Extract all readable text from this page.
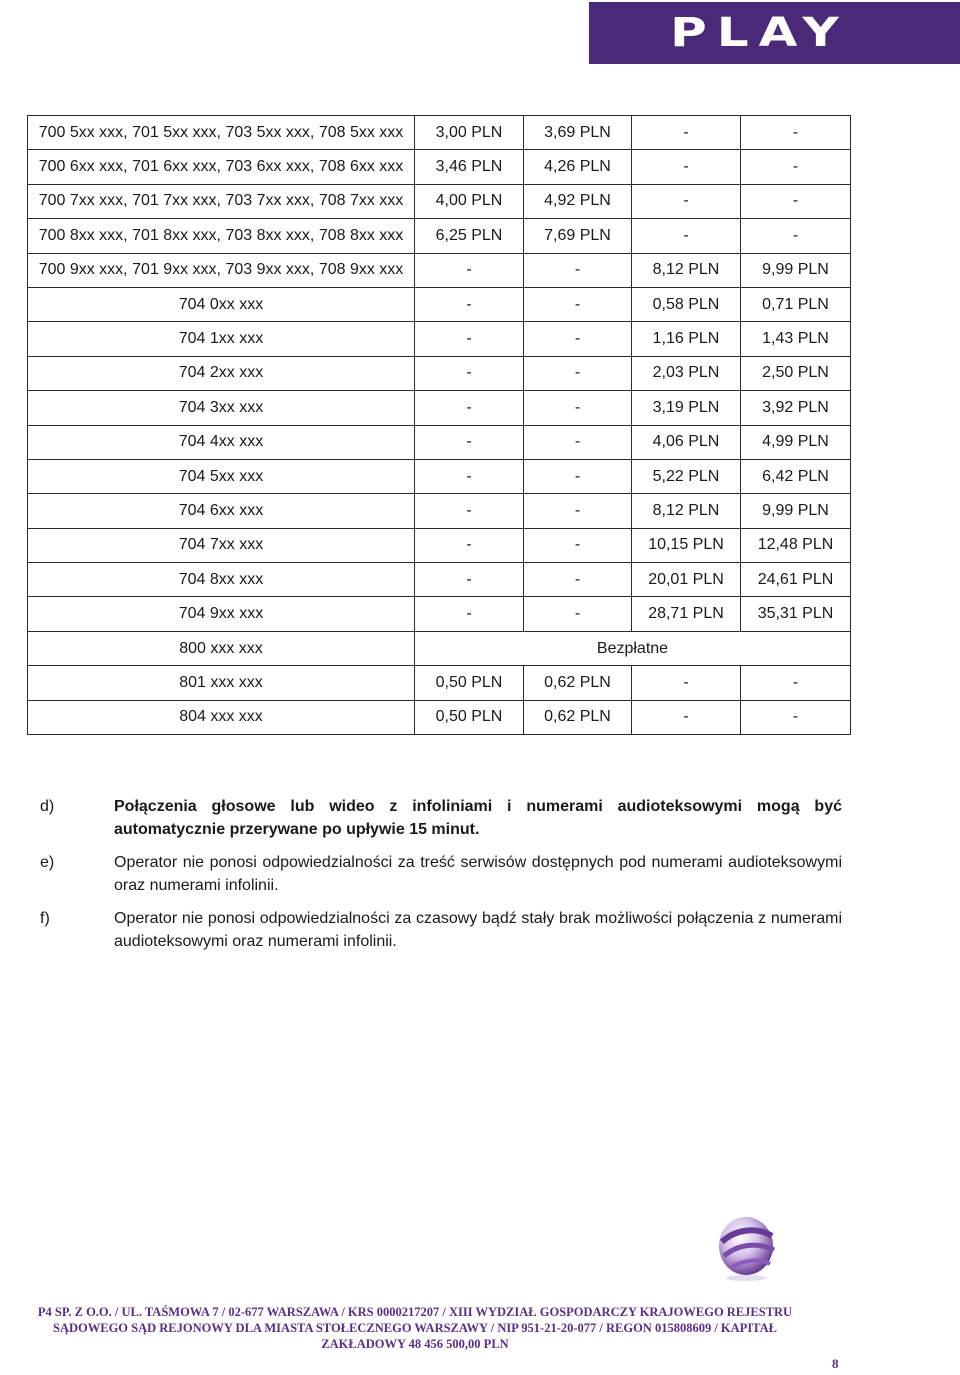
PLAY
700 5xx xxx, 701 5xx xxx, 703 5xx xxx, 708 5xx xxx	3,00 PLN	3,69 PLN	-	-
700 6xx xxx, 701 6xx xxx, 703 6xx xxx, 708 6xx xxx	3,46 PLN	4,26 PLN	-	-
700 7xx xxx, 701 7xx xxx, 703 7xx xxx, 708 7xx xxx	4,00 PLN	4,92 PLN	-	-
700 8xx xxx, 701 8xx xxx, 703 8xx xxx, 708 8xx xxx	6,25 PLN	7,69 PLN	-	-
700 9xx xxx, 701 9xx xxx, 703 9xx xxx, 708 9xx xxx	-	-	8,12 PLN	9,99 PLN
704 0xx xxx	-	-	0,58 PLN	0,71 PLN
704 1xx xxx	-	-	1,16 PLN	1,43 PLN
704 2xx xxx	-	-	2,03 PLN	2,50 PLN
704 3xx xxx	-	-	3,19 PLN	3,92 PLN
704 4xx xxx	-	-	4,06 PLN	4,99 PLN
704 5xx xxx	-	-	5,22 PLN	6,42 PLN
704 6xx xxx	-	-	8,12 PLN	9,99 PLN
704 7xx xxx	-	-	10,15 PLN	12,48 PLN
704 8xx xxx	-	-	20,01 PLN	24,61 PLN
704 9xx xxx	-	-	28,71 PLN	35,31 PLN
800 xxx xxx	Bezpłatne			
801 xxx xxx	0,50 PLN	0,62 PLN	-	-
804 xxx xxx	0,50 PLN	0,62 PLN	-	-
d)	Połączenia głosowe lub wideo z infoliniami i numerami audioteksowymi mogą być automatycznie przerywane po upływie 15 minut.
e)	Operator nie ponosi odpowiedzialności za treść serwisów dostępnych pod numerami audioteksowymi oraz numerami infolinii.
f)	Operator nie ponosi odpowiedzialności za czasowy bądź stały brak możliwości połączenia z numerami audioteksowymi oraz numerami infolinii.
P4 SP. Z O.O. / UL. TAŚMOWA 7 / 02-677 WARSZAWA / KRS 0000217207 / XIII WYDZIAŁ GOSPODARCZY KRAJOWEGO REJESTRU
SĄDOWEGO SĄD REJONOWY DLA MIASTA STOŁECZNEGO WARSZAWY / NIP 951-21-20-077 / REGON 015808609 / KAPITAŁ
ZAKŁADOWY 48 456 500,00 PLN
8
